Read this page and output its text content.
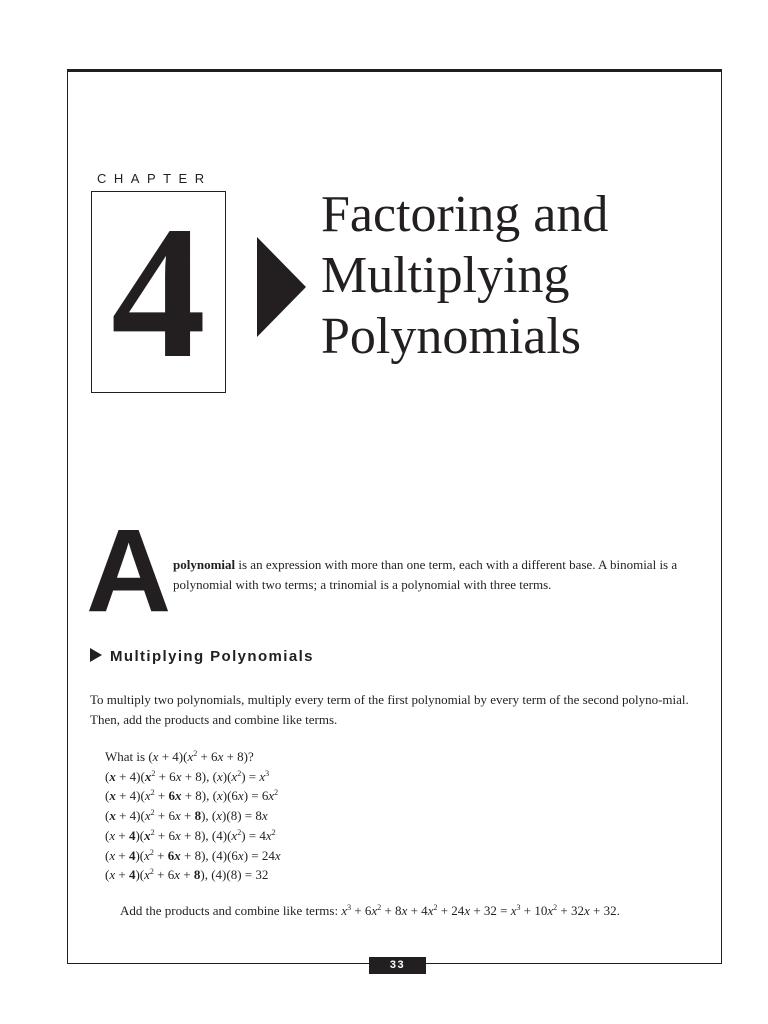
CHAPTER
4	Factoring and
Multiplying
Polynomials
A polynomial is an expression with more than one term, each with a different base. A binomial is a polynomial with two terms; a trinomial is a polynomial with three terms.
Multiplying Polynomials
To multiply two polynomials, multiply every term of the first polynomial by every term of the second polyno-mial. Then, add the products and combine like terms.
What is $(x + 4)(x^2 + 6x + 8)$?
$(x + 4)(x^2 + 6x + 8)$, $(x)(x^2) = x^3$
$(x + 4)(x^2 + 6x + 8)$, $(x)(6x) = 6x^2$
$(x + 4)(x^2 + 6x + 8)$, (x)(8) = 8x
$(x + 4)(x^2 + 6x + 8)$, $(4)(x^2) = 4x^2$
$(x + 4)(x^2 + 6x + 8)$, (4)(6x) = 24x
$(x + 4)(x^2 + 6x + 8)$, (4)(8) = 32
Add the products and combine like terms: $x^3 + 6x^2 + 8x + 4x^2 + 24x + 32 = x^3 + 10x^2 + 32x + 32$.
33
